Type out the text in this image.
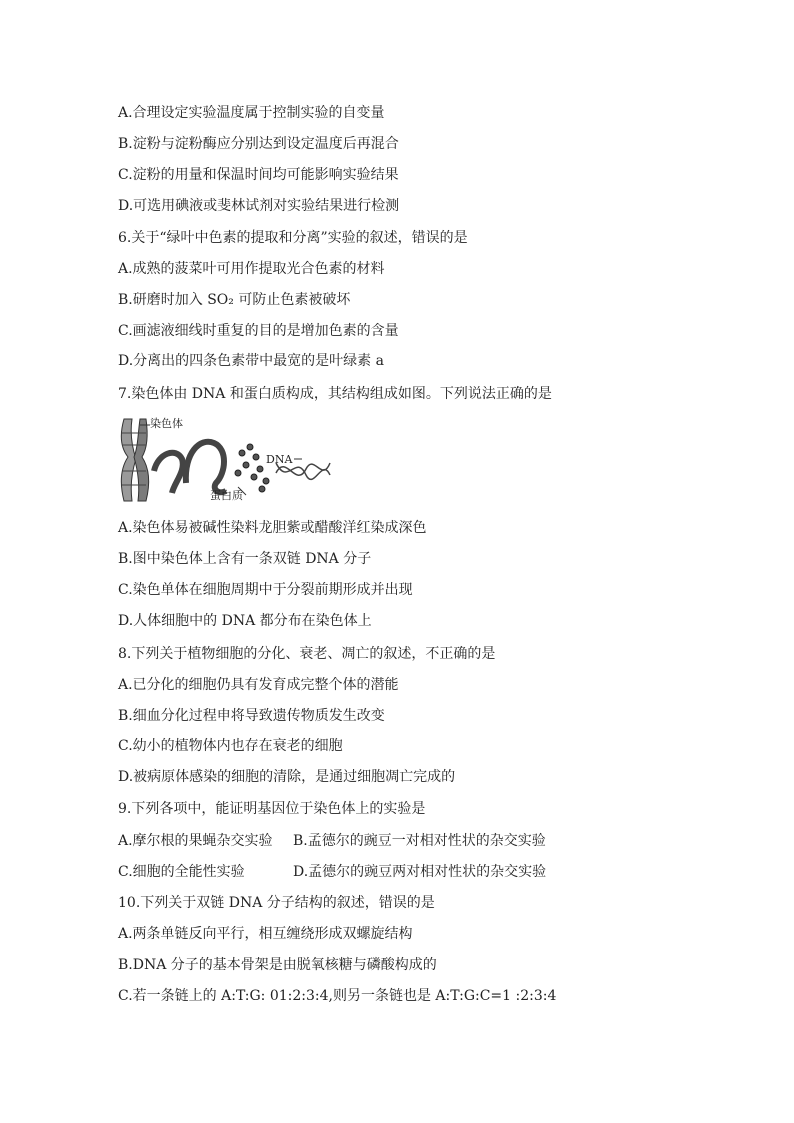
A.合理设定实验温度属于控制实验的自变量
B.淀粉与淀粉酶应分别达到设定温度后再混合
C.淀粉的用量和保温时间均可能影响实验结果
D.可选用碘液或斐林试剂对实验结果进行检测
6.关于“绿叶中色素的提取和分离”实验的叙述，错误的是
A.成熟的菠菜叶可用作提取光合色素的材料
B.研磨时加入 SO₂ 可防止色素被破坏
C.画滤液细线时重复的目的是增加色素的含量
D.分离出的四条色素带中最宽的是叶绿素 a
7.染色体由 DNA 和蛋白质构成，其结构组成如图。下列说法正确的是
染色体
DNA
蛋白质
A.染色体易被碱性染料龙胆紫或醋酸洋红染成深色
B.图中染色体上含有一条双链 DNA 分子
C.染色单体在细胞周期中于分裂前期形成并出现
D.人体细胞中的 DNA 都分布在染色体上
8.下列关于植物细胞的分化、衰老、凋亡的叙述，不正确的是
A.已分化的细胞仍具有发育成完整个体的潜能
B.细血分化过程申将导致遗传物质发生改变
C.幼小的植物体内也存在衰老的细胞
D.被病原体感染的细胞的清除，是通过细胞凋亡完成的
9.下列各项中，能证明基因位于染色体上的实验是
A.摩尔根的果蝇杂交实验 B.孟德尔的豌豆一对相对性状的杂交实验
C.细胞的全能性实验	D.孟德尔的豌豆两对相对性状的杂交实验
10.下列关于双链 DNA 分子结构的叙述，错误的是
A.两条单链反向平行，相互缠绕形成双螺旋结构
B.DNA 分子的基本骨架是由脱氧核糖与磷酸构成的
C.若一条链上的 A:T:G: 01:2:3:4,则另一条链也是 A:T:G:C=1 :2:3:4
